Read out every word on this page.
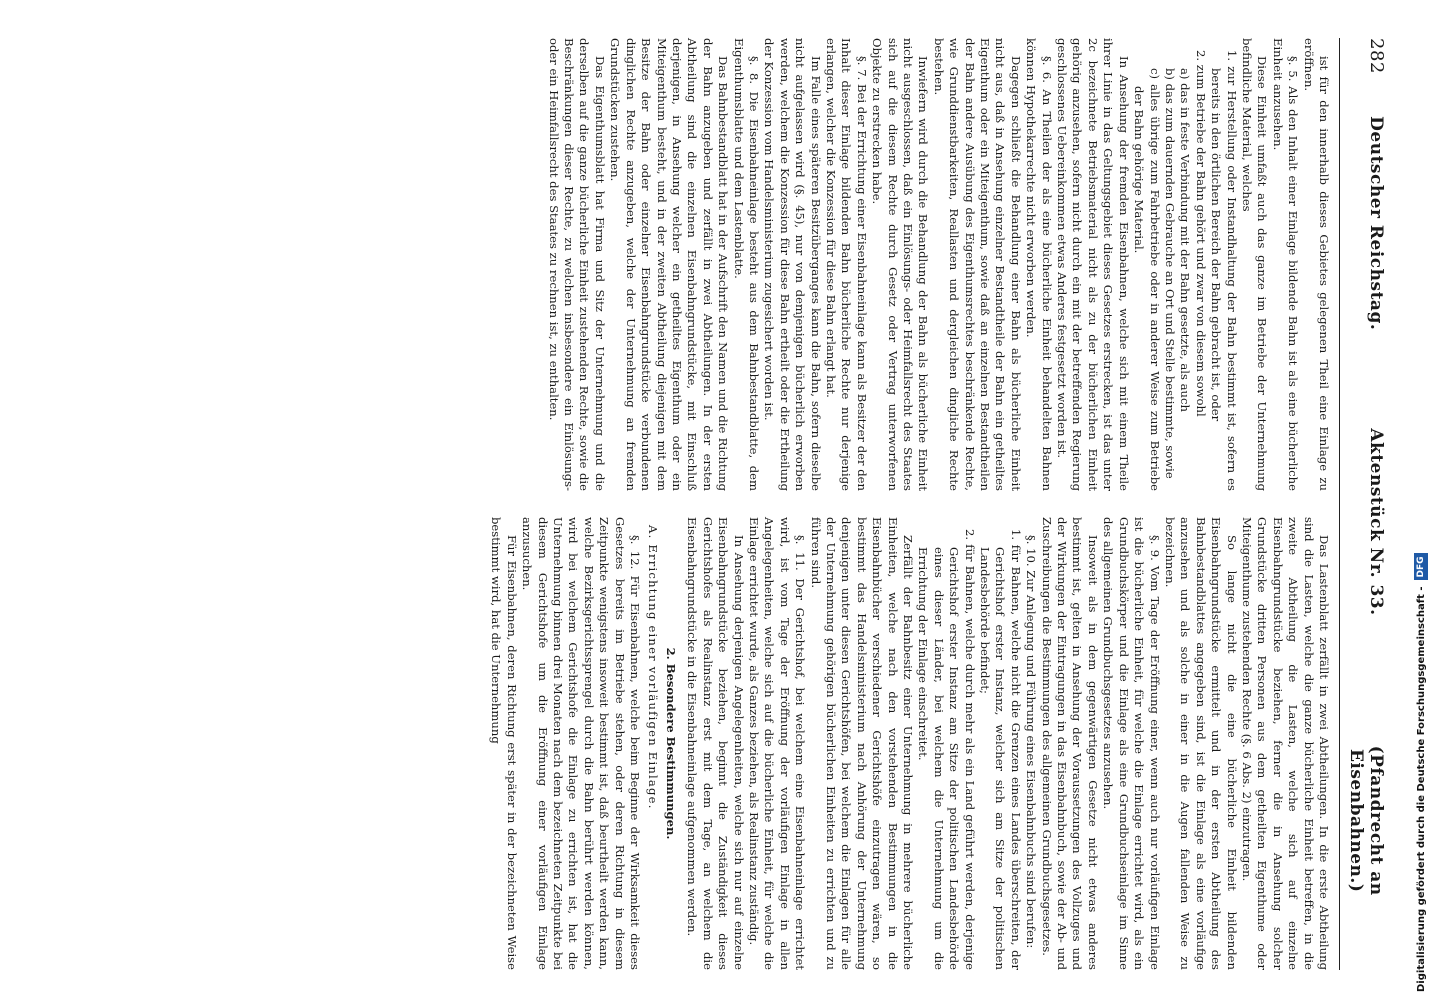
282
Deutscher Reichstag.
Aktenstück Nr. 33.
(Pfandrecht an Eisenbahnen.)

ist für den innerhalb dieses Gebietes gelegenen Theil eine Einlage zu eröffnen.

§. 5. Als den Inhalt einer Einlage bildende Bahn ist als eine bücherliche Einheit anzusehen.

Diese Einheit umfaßt auch das ganze im Betriebe der Unternehmung befindliche Material, welches

1. zur Herstellung oder Instandhaltung der Bahn bestimmt ist, sofern es bereits in den örtlichen Bereich der Bahn gebracht ist, oder

2. zum Betriebe der Bahn gehört und zwar von diesem sowohl

a) das in feste Verbindung mit der Bahn gesetzte, als auch

b) das zum dauernden Gebrauche an Ort und Stelle bestimmte, sowie

c) alles übrige zum Fahrbetriebe oder in anderer Weise zum Betriebe der Bahn gehörige Material.

In Ansehung der fremden Eisenbahnen, welche sich mit einem Theile ihrer Linie in das Geltungsgebiet dieses Gesetzes erstrecken, ist das unter 2c bezeichnete Betriebsmaterial nicht als zu der bücherlichen Einheit gehörig anzusehen, sofern nicht durch ein mit der betreffenden Regierung geschlossenes Uebereinkommen etwas Anderes festgesetzt worden ist.

§. 6. An Theilen der als eine bücherliche Einheit behandelten Bahnen können Hypothekarrechte nicht erworben werden.

Dagegen schließt die Behandlung einer Bahn als bücherliche Einheit nicht aus, daß in Ansehung einzelner Bestandtheile der Bahn ein getheiltes Eigenthum oder ein Miteigenthum, sowie daß an einzelnen Bestandtheilen der Bahn andere Ausübung des Eigenthumsrechtes beschränkende Rechte, wie Grunddienstbarkeiten, Reallasten und dergleichen dingliche Rechte bestehen.

Inwiefern wird durch die Behandlung der Bahn als bücherliche Einheit nicht ausgeschlossen, daß ein Einlösungs- oder Heimfallsrecht des Staates sich auf die diesem Rechte durch Gesetz oder Vertrag unterworfenen Objekte zu erstrecken habe.

§. 7. Bei der Errichtung einer Eisenbahneinlage kann als Besitzer der den Inhalt dieser Einlage bildenden Bahn bücherliche Rechte nur derjenige erlangen, welcher die Konzession für diese Bahn erlangt hat.

Im Falle eines späteren Besitzüberganges kann die Bahn, sofern dieselbe nicht aufgelassen wird (§. 45), nur von demjenigen bücherlich erworben werden, welchem die Konzession für diese Bahn ertheilt oder die Ertheilung der Konzession vom Handelsministerium zugesichert worden ist.

§. 8. Die Eisenbahneinlage besteht aus dem Bahnbestandblatte, dem Eigenthumsblatte und dem Lastenblatte.

Das Bahnbestandblatt hat in der Aufschrift den Namen und die Richtung der Bahn anzugeben und zerfällt in zwei Abtheilungen. In der ersten Abtheilung sind die einzelnen Eisenbahngrundstücke, mit Einschluß derjenigen, in Ansehung welcher ein getheiltes Eigenthum oder ein Miteigenthum besteht, und in der zweiten Abtheilung diejenigen mit dem Besitze der Bahn oder einzelner Eisenbahngrundstücke verbundenen dinglichen Rechte anzugeben, welche der Unternehmung an fremden Grundstücken zustehen.

Das Eigenthumsblatt hat Firma und Sitz der Unternehmung und die derselben auf die ganze bücherliche Einheit zustehenden Rechte, sowie die Beschränkungen dieser Rechte, zu welchen insbesondere ein Einlösungs- oder ein Heimfallsrecht des Staates zu rechnen ist, zu enthalten.

Das Lastenblatt zerfällt in zwei Abtheilungen. In die erste Abtheilung sind die Lasten, welche die ganze bücherliche Einheit betreffen, in die zweite Abtheilung die Lasten, welche sich auf einzelne Eisenbahngrundstücke beziehen, ferner die in Ansehung solcher Grundstücke dritten Personen aus dem getheilten Eigenthume oder Miteigenthume zustehenden Rechte (§. 6 Abs. 2) einzutragen.

So lange nicht die eine bücherliche Einheit bildenden Eisenbahngrundstücke ermittelt und in der ersten Abtheilung des Bahnbestandblattes angegeben sind, ist die Einlage als eine vorläufige anzusehen und als solche in einer in die Augen fallenden Weise zu bezeichnen.

§. 9. Vom Tage der Eröffnung einer, wenn auch nur vorläufigen Einlage ist die bücherliche Einheit, für welche die Einlage errichtet wird, als ein Grundbuchskörper und die Einlage als eine Grundbuchseinlage im Sinne des allgemeinen Grundbuchsgesetzes anzusehen.

Insoweit als in dem gegenwärtigen Gesetze nicht etwas anderes bestimmt ist, gelten in Ansehung der Voraussetzungen des Vollzuges und der Wirkungen der Eintragungen in das Eisenbahnbuch, sowie der Ab- und Zuschreibungen die Bestimmungen des allgemeinen Grundbuchsgesetzes.

§. 10. Zur Anlegung und Führung eines Eisenbahnbuchs sind berufen:

1. für Bahnen, welche nicht die Grenzen eines Landes überschreiten, der Gerichtshof erster Instanz, welcher sich am Sitze der politischen Landesbehörde befindet;

2. für Bahnen, welche durch mehr als ein Land geführt werden, derjenige Gerichtshof erster Instanz am Sitze der politischen Landesbehörde eines dieser Länder, bei welchem die Unternehmung um die Errichtung der Einlage einschreitet.

Zerfällt der Bahnbesitz einer Unternehmung in mehrere bücherliche Einheiten, welche nach den vorstehenden Bestimmungen in die Eisenbahnbücher verschiedener Gerichtshöfe einzutragen wären, so bestimmt das Handelsministerium nach Anhörung der Unternehmung denjenigen unter diesen Gerichtshöfen, bei welchem die Einlagen für alle der Unternehmung gehörigen bücherlichen Einheiten zu errichten und zu führen sind.

§. 11. Der Gerichtshof, bei welchem eine Eisenbahneinlage errichtet wird, ist vom Tage der Eröffnung der vorläufigen Einlage in allen Angelegenheiten, welche sich auf die bücherliche Einheit, für welche die Einlage errichtet wurde, als Ganzes beziehen, als Realinstanz zuständig.

In Ansehung derjenigen Angelegenheiten, welche sich nur auf einzelne Eisenbahngrundstücke beziehen, beginnt die Zuständigkeit dieses Gerichtshofes als Realinstanz erst mit dem Tage, an welchem die Eisenbahngrundstücke in die Eisenbahneinlage aufgenommen werden.

2. Besondere Bestimmungen.

A. Errichtung einer vorläufigen Einlage.

§. 12. Für Eisenbahnen, welche beim Beginne der Wirksamkeit dieses Gesetzes bereits im Betriebe stehen, oder deren Richtung in diesem Zeitpunkte wenigstens insoweit bestimmt ist, daß beurtheilt werden kann, welche Bezirksgerichtssprengel durch die Bahn berührt werden können, wird bei welchem Gerichtshofe die Einlage zu errichten ist, hat die Unternehmung binnen drei Monaten nach dem bezeichneten Zeitpunkte bei diesem Gerichtshofe um die Eröffnung einer vorläufigen Einlage anzusuchen.

Für Eisenbahnen, deren Richtung erst später in der bezeichneten Weise bestimmt wird, hat die Unternehmung	Digitalisierung gefördert durch die Deutsche Forschungsgemeinschaft -
DFG
